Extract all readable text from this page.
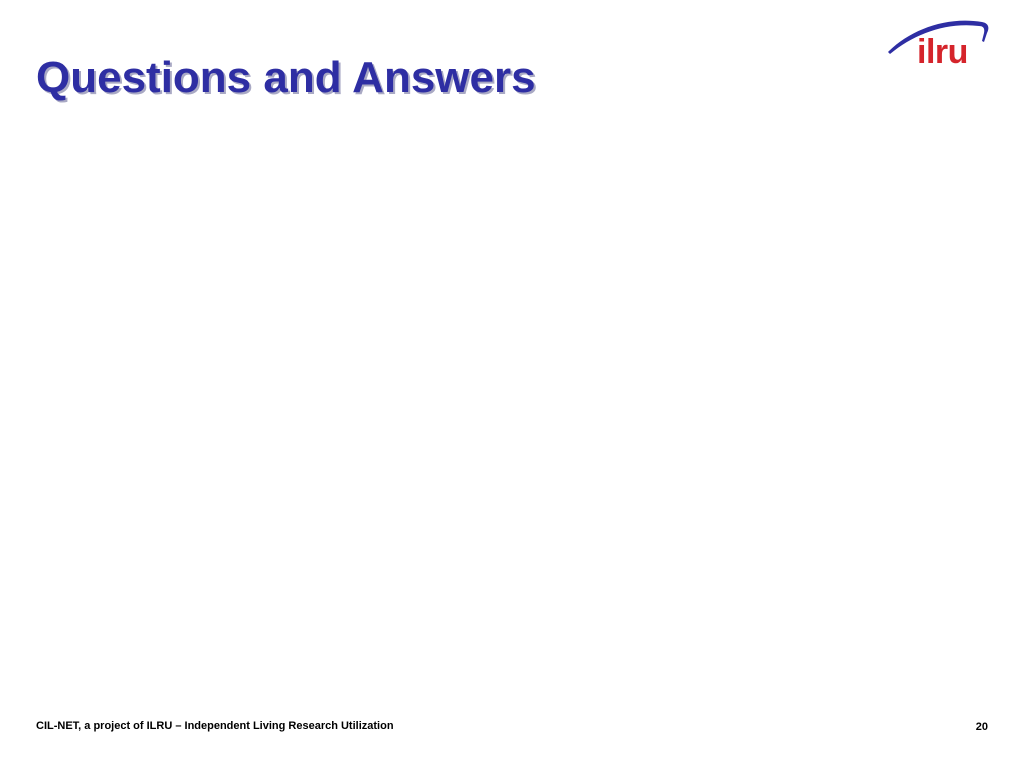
Questions and Answers
ilru
CIL-NET, a project of ILRU – Independent Living Research Utilization	20
